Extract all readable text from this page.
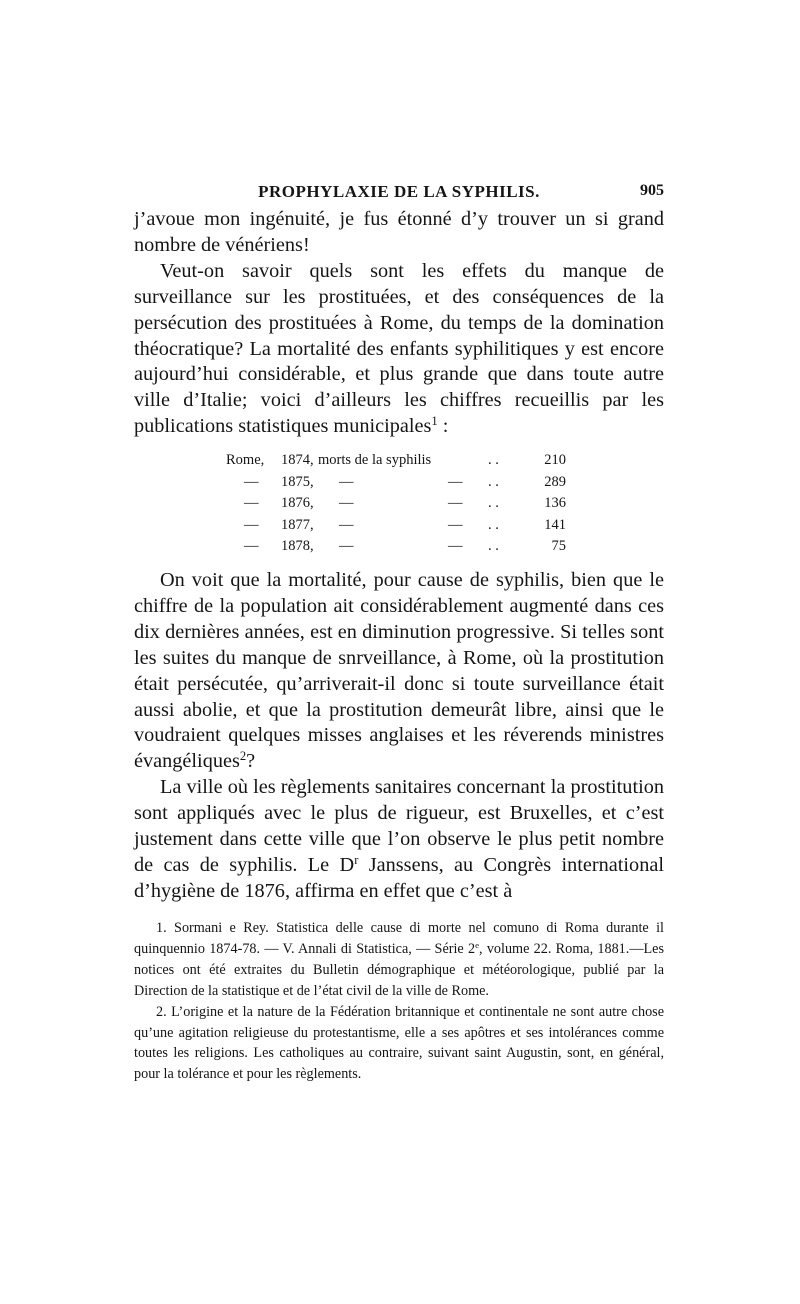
PROPHYLAXIE DE LA SYPHILIS.	905

j’avoue mon ingénuité, je fus étonné d’y trouver un si grand nombre de vénériens!

Veut-on savoir quels sont les effets du manque de surveillance sur les prostituées, et des conséquences de la persécution des prostituées à Rome, du temps de la domination théocratique? La mortalité des enfants syphilitiques y est encore aujourd’hui considérable, et plus grande que dans toute autre ville d’Italie; voici d’ailleurs les chiffres recueillis par les publications statistiques municipales$^1$ :

Rome, 1874, morts de la syphilis	. .	210
— 1875, —	— . .	289
— 1876, —	— . .	136
— 1877, —	— . .	141
— 1878, —	— . .	75

On voit que la mortalité, pour cause de syphilis, bien que le chiffre de la population ait considérablement augmenté dans ces dix dernières années, est en diminution progressive. Si telles sont les suites du manque de snrveillance, à Rome, où la prostitution était persécutée, qu’arriverait-il donc si toute surveillance était aussi abolie, et que la prostitution demeurât libre, ainsi que le voudraient quelques misses anglaises et les réverends ministres évangéliques$^2$?

La ville où les règlements sanitaires concernant la prostitution sont appliqués avec le plus de rigueur, est Bruxelles, et c’est justement dans cette ville que l’on observe le plus petit nombre de cas de syphilis. Le $D^r$ Janssens, au Congrès international d’hygiène de 1876, affirma en effet que c’est à

1. Sormani e Rey. Statistica delle cause di morte nel comuno di Roma durante il quinquennio 1874-78. — V. Annali di Statistica, — Série 2e, volume 22. Roma, 1881.—Les notices ont été extraites du Bulletin démographique et météorologique, publié par la Direction de la statistique et de l’état civil de la ville de Rome.

2. L’origine et la nature de la Fédération britannique et continentale ne sont autre chose qu’une agitation religieuse du protestantisme, elle a ses apôtres et ses intolérances comme toutes les religions. Les catholiques au contraire, suivant saint Augustin, sont, en général, pour la tolérance et pour les règlements.
